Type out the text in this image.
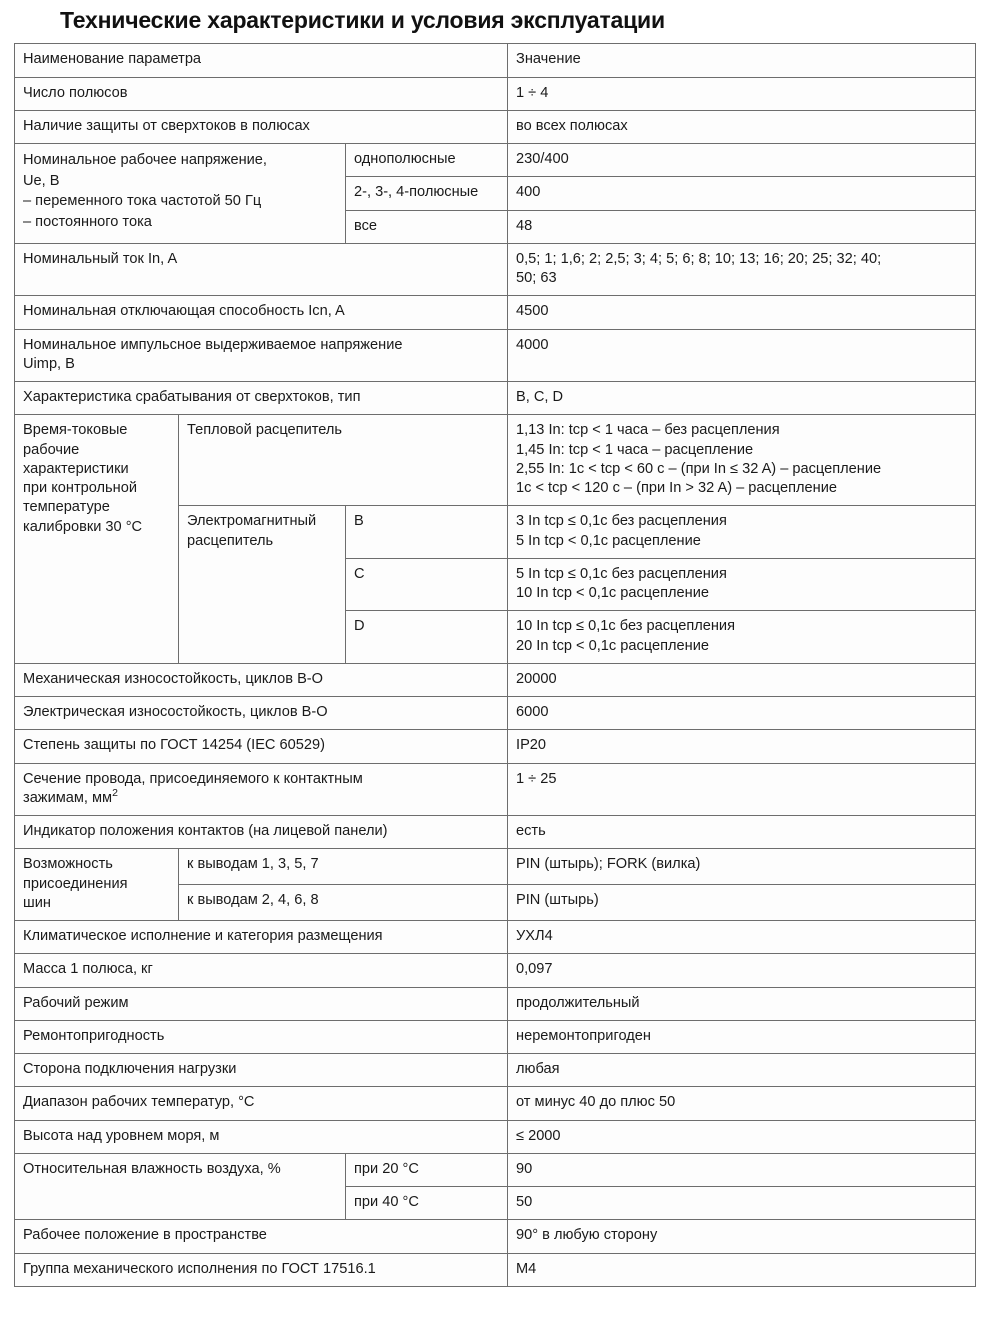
Технические характеристики и условия эксплуатации
Наименование параметра			Значение
Число полюсов			1 ÷ 4
Наличие защиты от сверхтоков в полюсах			во всех полюсах

Номинальное рабочее напряжение,
Ue, В
– переменного тока частотой 50 Гц
– постоянного тока		однополюсные	230/400
		2-, 3-, 4-полюсные	400
		все	48
Номинальный ток In, A			0,5; 1; 1,6; 2; 2,5; 3; 4; 5; 6; 8; 10; 13; 16; 20; 25; 32; 40;
50; 63

Номинальная отключающая способность Icn, A			4500

Номинальное импульсное выдерживаемое напряжение
Uimp, В			4000
Характеристика срабатывания от сверхтоков, тип			B, C, D

Время-токовые
рабочие
характеристики
при контрольной
температуре
калибровки 30 °С
	Тепловой расцепитель	1,13 In: tср < 1 часа – без расцепления
1,45 In: tср < 1 часа – расцепление
2,55 In: 1c < tср < 60 c – (при In ≤ 32 A) – расцепление
1c < tср < 120 c – (при In > 32 A) – расцепление

	Электромагнитный
расцепитель	B	3 In tср ≤ 0,1c без расцепления
5 In tср < 0,1c расцепление

		C	5 In tср ≤ 0,1c без расцепления
10 In tср < 0,1c расцепление

		D	10 In tср ≤ 0,1c без расцепления
20 In tср < 0,1c расцепление

Механическая износостойкость, циклов В-О			20000
Электрическая износостойкость, циклов В-О			6000
Степень защиты по ГОСТ 14254 (IEC 60529)			IP20

Сечение провода, присоединяемого к контактным
зажимам, $мм^2$			1 ÷ 25
Индикатор положения контактов (на лицевой панели)			есть

Возможность присоединения
шин	к выводам 1, 3, 5, 7		PIN (штырь); FORK (вилка)
	к выводам 2, 4, 6, 8		PIN (штырь)
Климатическое исполнение и категория размещения			УХЛ4
Масса 1 полюса, кг			0,097
Рабочий режим			продолжительный
Ремонтопригодность			неремонтопригоден
Сторона подключения нагрузки			любая
Диапазон рабочих температур, °С			от минус 40 до плюс 50
Высота над уровнем моря, м			≤ 2000
Относительная влажность воздуха, %		при 20 °С	90
		при 40 °С	50
Рабочее положение в пространстве			90° в любую сторону
Группа механического исполнения по ГОСТ 17516.1			М4
